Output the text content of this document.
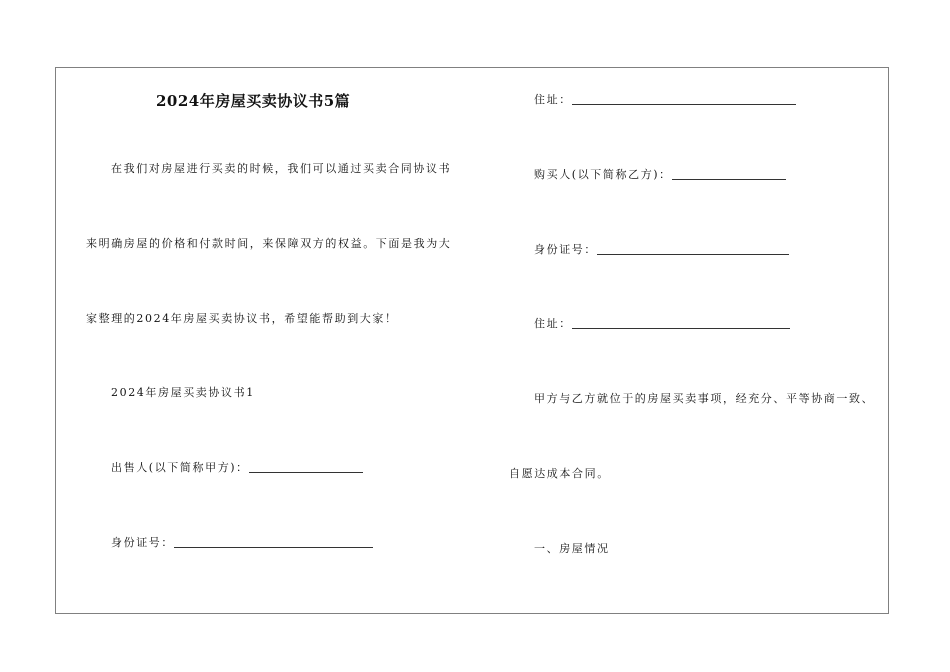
2024年房屋买卖协议书5篇
在我们对房屋进行买卖的时候，我们可以通过买卖合同协议书
来明确房屋的价格和付款时间，来保障双方的权益。下面是我为大
家整理的2024年房屋买卖协议书，希望能帮助到大家！
2024年房屋买卖协议书1
出售人(以下简称甲方)：
身份证号：
住址：
购买人(以下简称乙方)：
身份证号：
住址：
甲方与乙方就位于的房屋买卖事项，经充分、平等协商一致、
自愿达成本合同。
一、房屋情况
